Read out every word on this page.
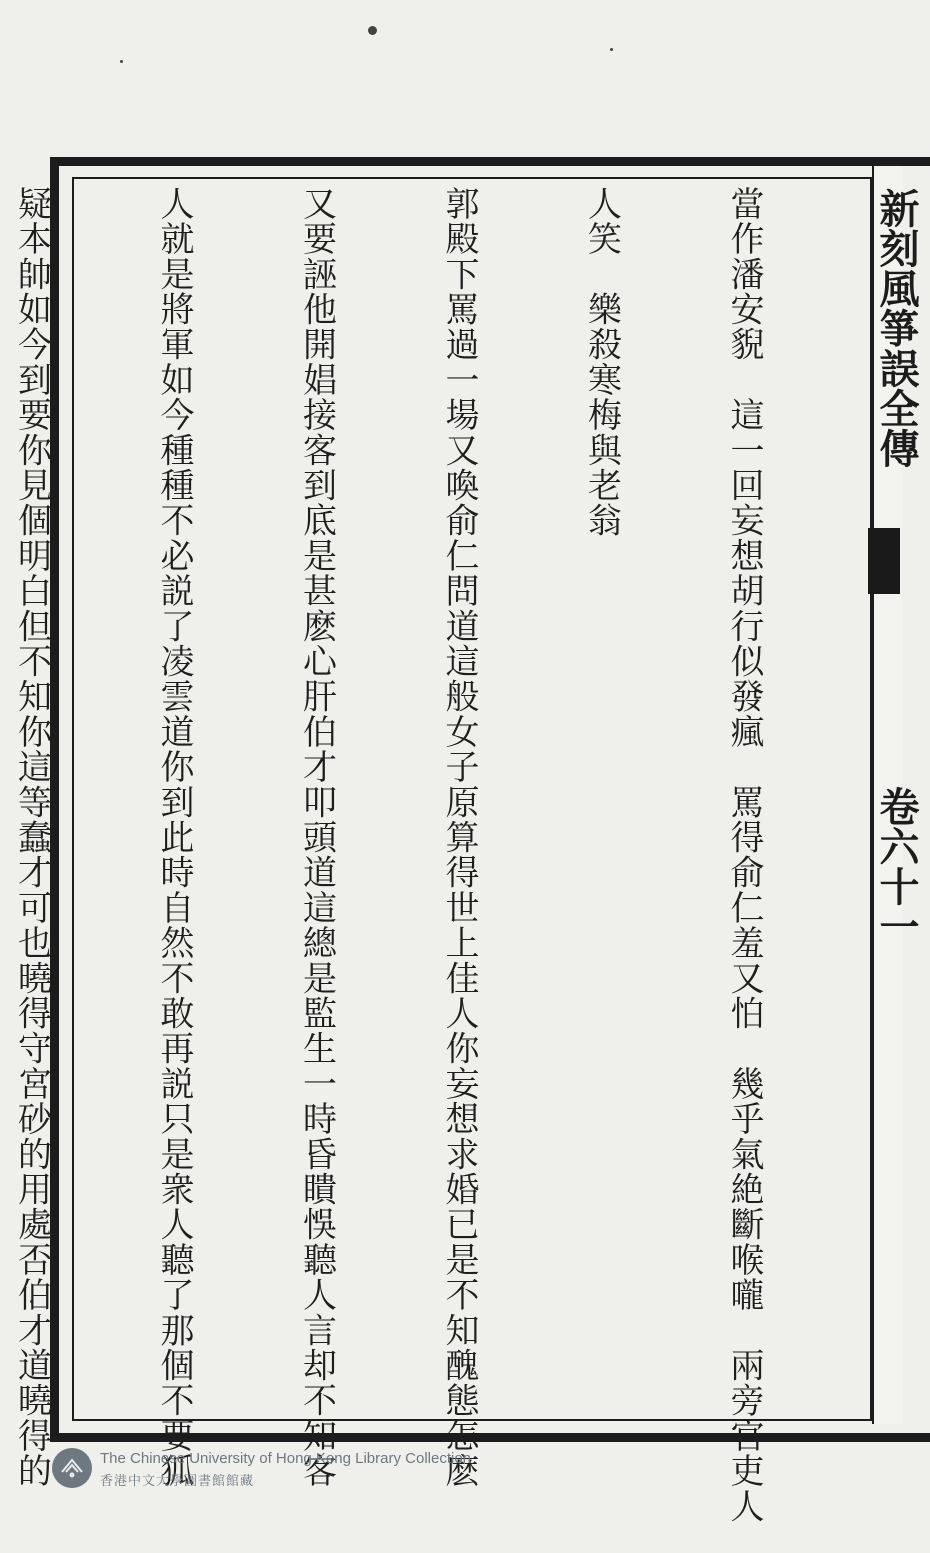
新刻風箏誤全傳
卷六十一

當作潘安貎　這一回妄想胡行似發瘋　罵得俞仁羞又怕　幾乎氣絶斷喉嚨　兩旁官吏人

人笑　樂殺寒梅與老翁

郭殿下罵過一場又喚俞仁問道這般女子原算得世上佳人你妄想求婚已是不知醜態怎麽

又要誣他開娼接客到底是甚麽心肝伯才叩頭道這總是監生一時昏瞶悞聽人言却不知客

人就是將軍如今種種不必説了凌雲道你到此時自然不敢再説只是衆人聽了那個不要狐

疑本帥如今到要你見個明白但不知你這等蠢才可也曉得守宮砂的用處否伯才道曉得的

	The Chinese University of Hong Kong Library Collection
香港中文大學圖書館館藏
